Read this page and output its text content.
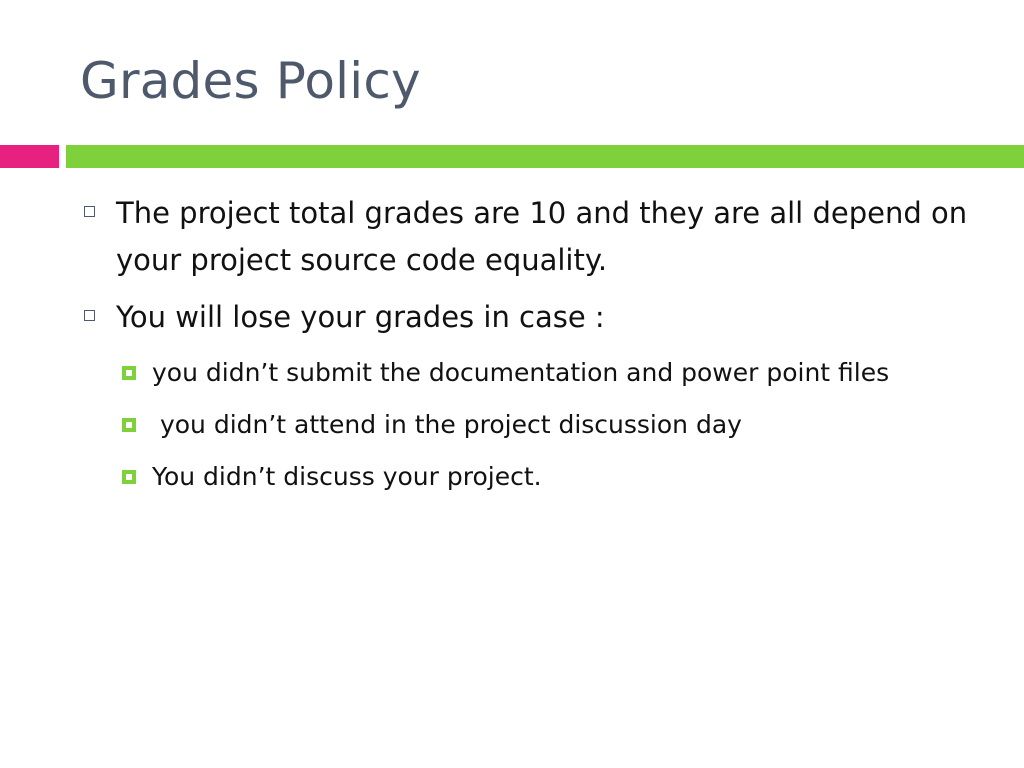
Grades Policy
The project total grades are 10 and they are all depend on your project source code equality.
You will lose your grades in case :
you didn’t submit the documentation and power point files
you didn’t attend in the project discussion day
You didn’t discuss your project.
